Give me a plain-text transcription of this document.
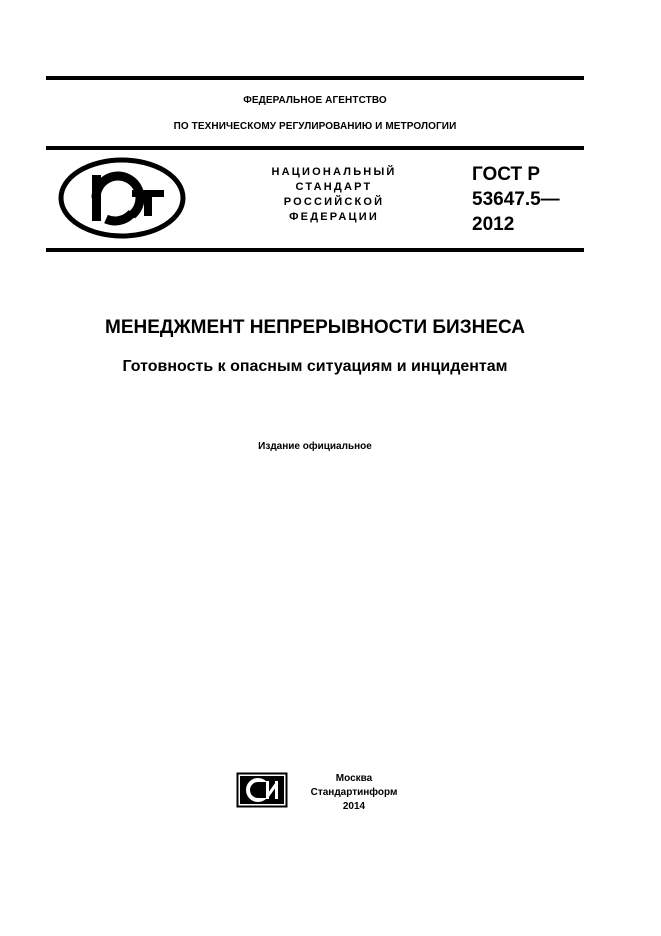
ФЕДЕРАЛЬНОЕ АГЕНТСТВО
ПО ТЕХНИЧЕСКОМУ РЕГУЛИРОВАНИЮ И МЕТРОЛОГИИ
НАЦИОНАЛЬНЫЙ
СТАНДАРТ
РОССИЙСКОЙ
ФЕДЕРАЦИИ
ГОСТ Р
53647.5—
2012
МЕНЕДЖМЕНТ НЕПРЕРЫВНОСТИ БИЗНЕСА
Готовность к опасным ситуациям и инцидентам
Издание официальное
Москва
Стандартинформ
2014
